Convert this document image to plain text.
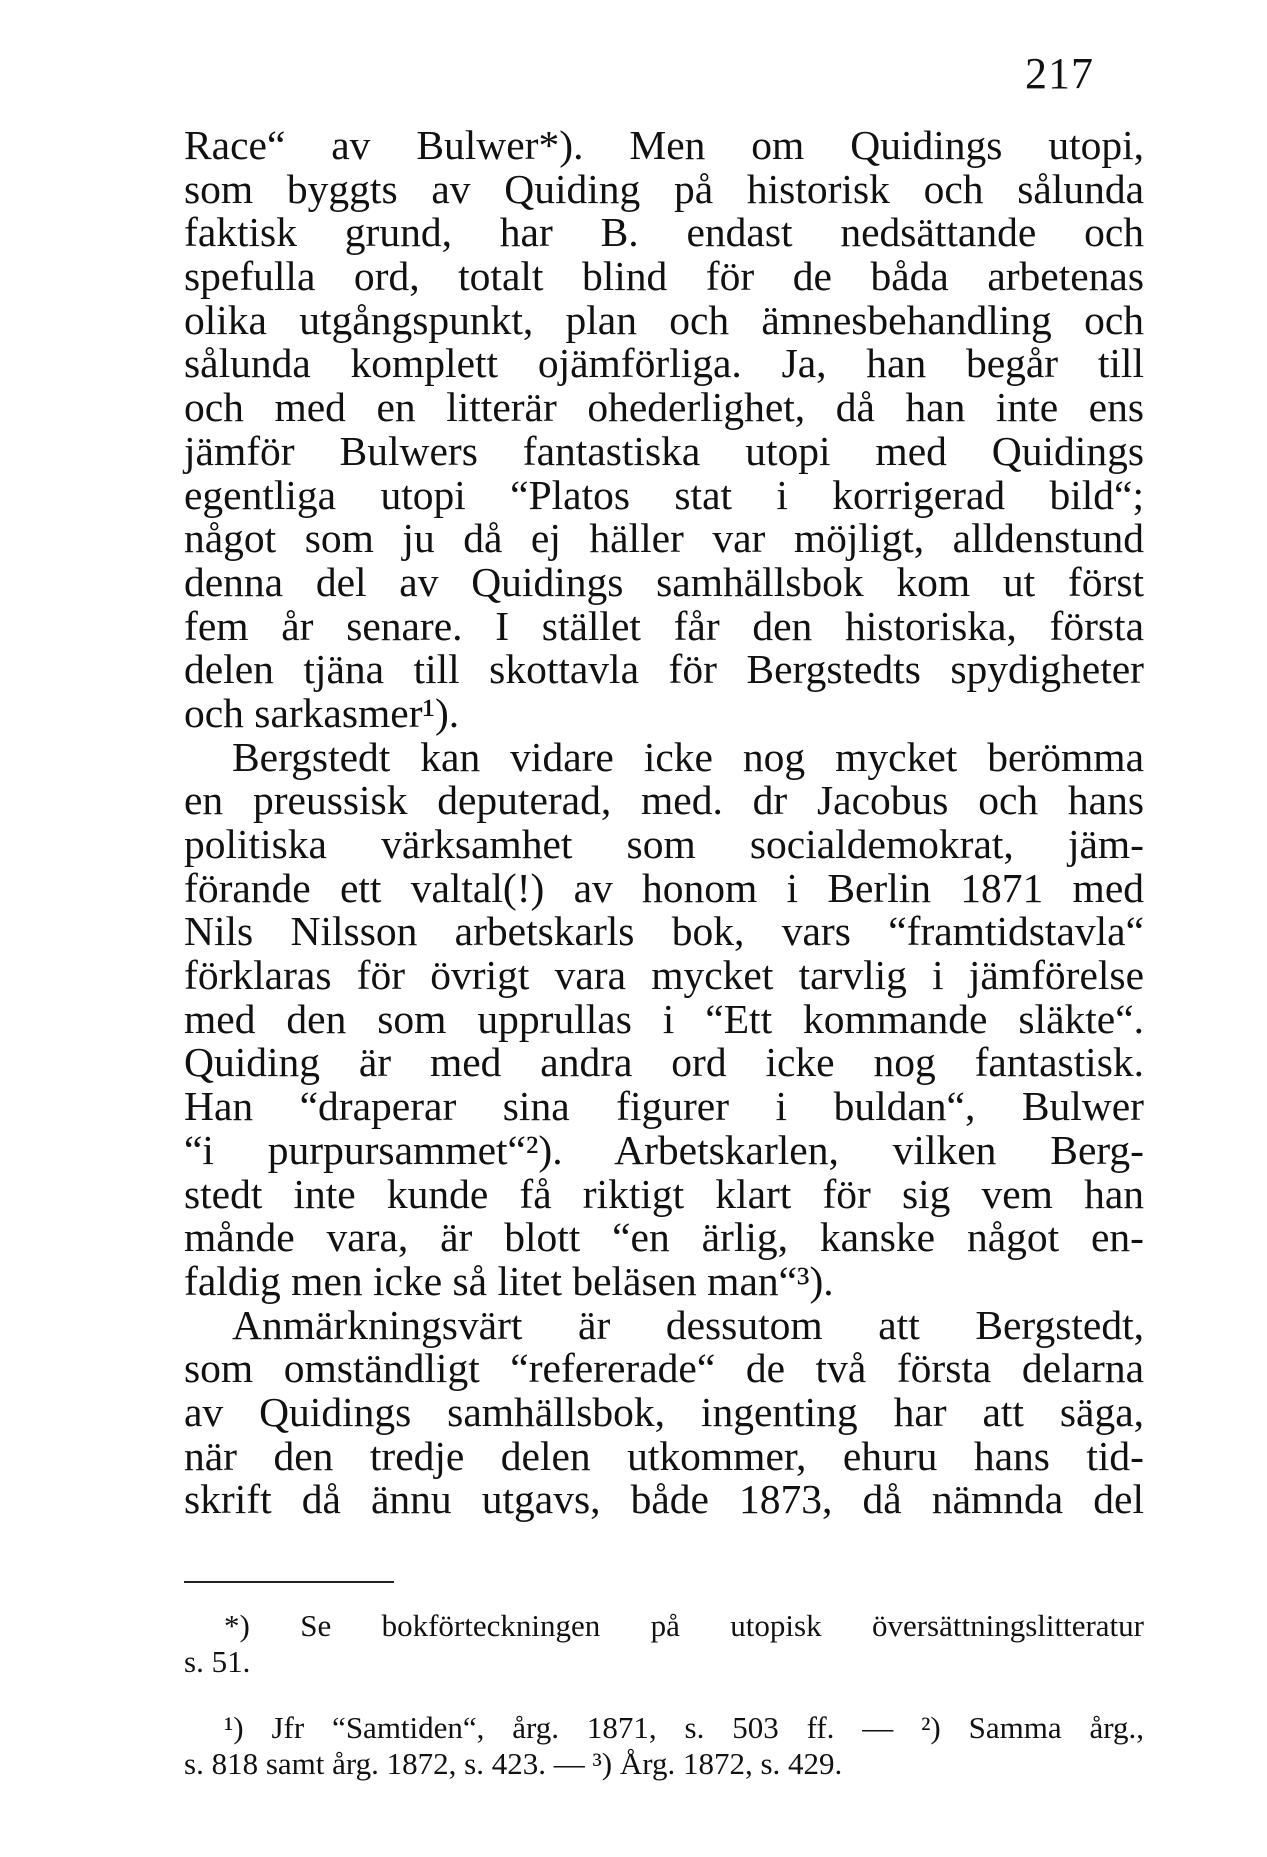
217
Race“ av Bulwer*). Men om Quidings utopi,
som byggts av Quiding på historisk och sålunda
faktisk grund, har B. endast nedsättande och
spefulla ord, totalt blind för de båda arbetenas
olika utgångspunkt, plan och ämnesbehandling och
sålunda komplett ojämförliga. Ja, han begår till
och med en litterär ohederlighet, då han inte ens
jämför Bulwers fantastiska utopi med Quidings
egentliga utopi “Platos stat i korrigerad bild“;
något som ju då ej häller var möjligt, alldenstund
denna del av Quidings samhällsbok kom ut först
fem år senare. I stället får den historiska, första
delen tjäna till skottavla för Bergstedts spydigheter
och sarkasmer¹).
Bergstedt kan vidare icke nog mycket berömma
en preussisk deputerad, med. dr Jacobus och hans
politiska värksamhet som socialdemokrat, jäm-
förande ett valtal(!) av honom i Berlin 1871 med
Nils Nilsson arbetskarls bok, vars “framtidstavla“
förklaras för övrigt vara mycket tarvlig i jämförelse
med den som upprullas i “Ett kommande släkte“.
Quiding är med andra ord icke nog fantastisk.
Han “draperar sina figurer i buldan“, Bulwer
“i purpursammet“²). Arbetskarlen, vilken Berg-
stedt inte kunde få riktigt klart för sig vem han
månde vara, är blott “en ärlig, kanske något en-
faldig men icke så litet beläsen man“³).
Anmärkningsvärt är dessutom att Bergstedt,
som omständligt “refererade“ de två första delarna
av Quidings samhällsbok, ingenting har att säga,
när den tredje delen utkommer, ehuru hans tid-
skrift då ännu utgavs, både 1873, då nämnda del
*) Se bokförteckningen på utopisk översättningslitteratur
s. 51.
¹) Jfr “Samtiden“, årg. 1871, s. 503 ff. — ²) Samma årg.,
s. 818 samt årg. 1872, s. 423. — ³) Årg. 1872, s. 429.
